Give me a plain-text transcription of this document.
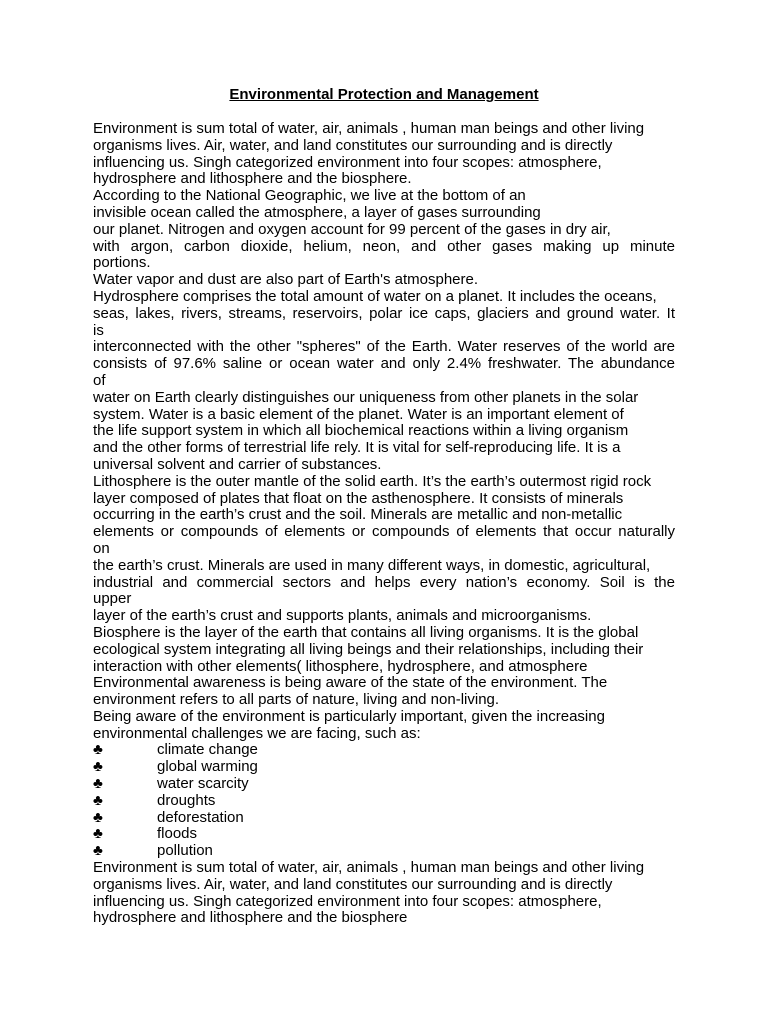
Environmental Protection and Management
Environment is sum total of water, air, animals , human man beings and other living
organisms lives. Air, water, and land constitutes our surrounding and is directly
influencing us. Singh categorized environment into four scopes: atmosphere,
hydrosphere and lithosphere and the biosphere.
According to the National Geographic, we live at the bottom of an
invisible ocean called the atmosphere, a layer of gases surrounding
our planet. Nitrogen and oxygen account for 99 percent of the gases in dry air,
with argon, carbon dioxide, helium, neon, and other gases making up minute
portions.
Water vapor and dust are also part of Earth's atmosphere.
Hydrosphere comprises the total amount of water on a planet. It includes the oceans,
seas, lakes, rivers, streams, reservoirs, polar ice caps, glaciers and ground water. It
is
interconnected with the other "spheres" of the Earth. Water reserves of the world are
consists of 97.6% saline or ocean water and only 2.4% freshwater. The abundance
of
water on Earth clearly distinguishes our uniqueness from other planets in the solar
system. Water is a basic element of the planet. Water is an important element of
the life support system in which all biochemical reactions within a living organism
and the other forms of terrestrial life rely. It is vital for self-reproducing life. It is a
universal solvent and carrier of substances.
Lithosphere is the outer mantle of the solid earth. It’s the earth’s outermost rigid rock
layer composed of plates that float on the asthenosphere. It consists of minerals
occurring in the earth’s crust and the soil. Minerals are metallic and non-metallic
elements or compounds of elements or compounds of elements that occur naturally
on
the earth’s crust. Minerals are used in many different ways, in domestic, agricultural,
industrial and commercial sectors and helps every nation’s economy. Soil is the
upper
layer of the earth’s crust and supports plants, animals and microorganisms.
Biosphere is the layer of the earth that contains all living organisms. It is the global
ecological system integrating all living beings and their relationships, including their
interaction with other elements( lithosphere, hydrosphere, and atmosphere
Environmental awareness is being aware of the state of the environment. The
environment refers to all parts of nature, living and non-living.
Being aware of the environment is particularly important, given the increasing
environmental challenges we are facing, such as:
♣	climate change
♣	global warming
♣	water scarcity
♣	droughts
♣	deforestation
♣	floods
♣	pollution
Environment is sum total of water, air, animals , human man beings and other living
organisms lives. Air, water, and land constitutes our surrounding and is directly
influencing us. Singh categorized environment into four scopes: atmosphere,
hydrosphere and lithosphere and the biosphere
